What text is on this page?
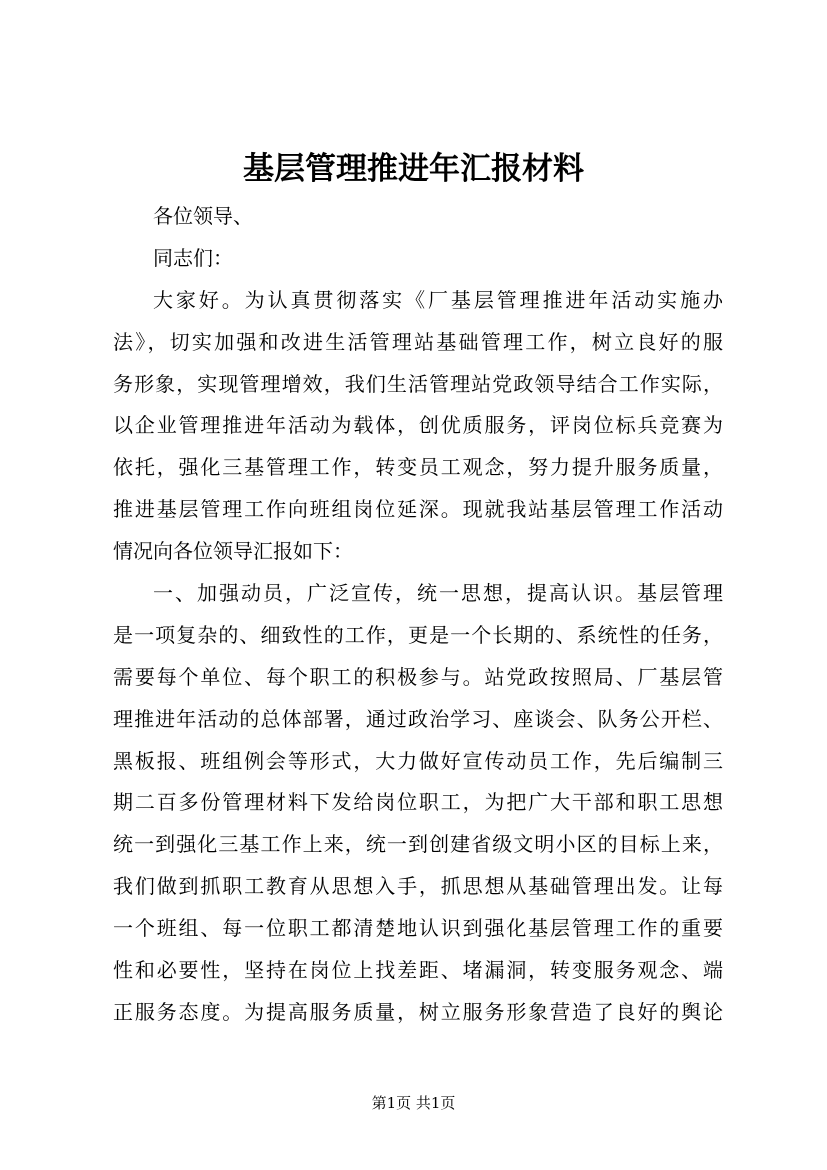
基层管理推进年汇报材料
各位领导、
同志们：
大家好。为认真贯彻落实《厂基层管理推进年活动实施办
法》，切实加强和改进生活管理站基础管理工作，树立良好的服
务形象，实现管理增效，我们生活管理站党政领导结合工作实际，
以企业管理推进年活动为载体，创优质服务，评岗位标兵竞赛为
依托，强化三基管理工作，转变员工观念，努力提升服务质量，
推进基层管理工作向班组岗位延深。现就我站基层管理工作活动
情况向各位领导汇报如下：
一、加强动员，广泛宣传，统一思想，提高认识。基层管理
是一项复杂的、细致性的工作，更是一个长期的、系统性的任务，
需要每个单位、每个职工的积极参与。站党政按照局、厂基层管
理推进年活动的总体部署，通过政治学习、座谈会、队务公开栏、
黑板报、班组例会等形式，大力做好宣传动员工作，先后编制三
期二百多份管理材料下发给岗位职工，为把广大干部和职工思想
统一到强化三基工作上来，统一到创建省级文明小区的目标上来，
我们做到抓职工教育从思想入手，抓思想从基础管理出发。让每
一个班组、每一位职工都清楚地认识到强化基层管理工作的重要
性和必要性，坚持在岗位上找差距、堵漏洞，转变服务观念、端
正服务态度。为提高服务质量，树立服务形象营造了良好的舆论
第1页 共1页
